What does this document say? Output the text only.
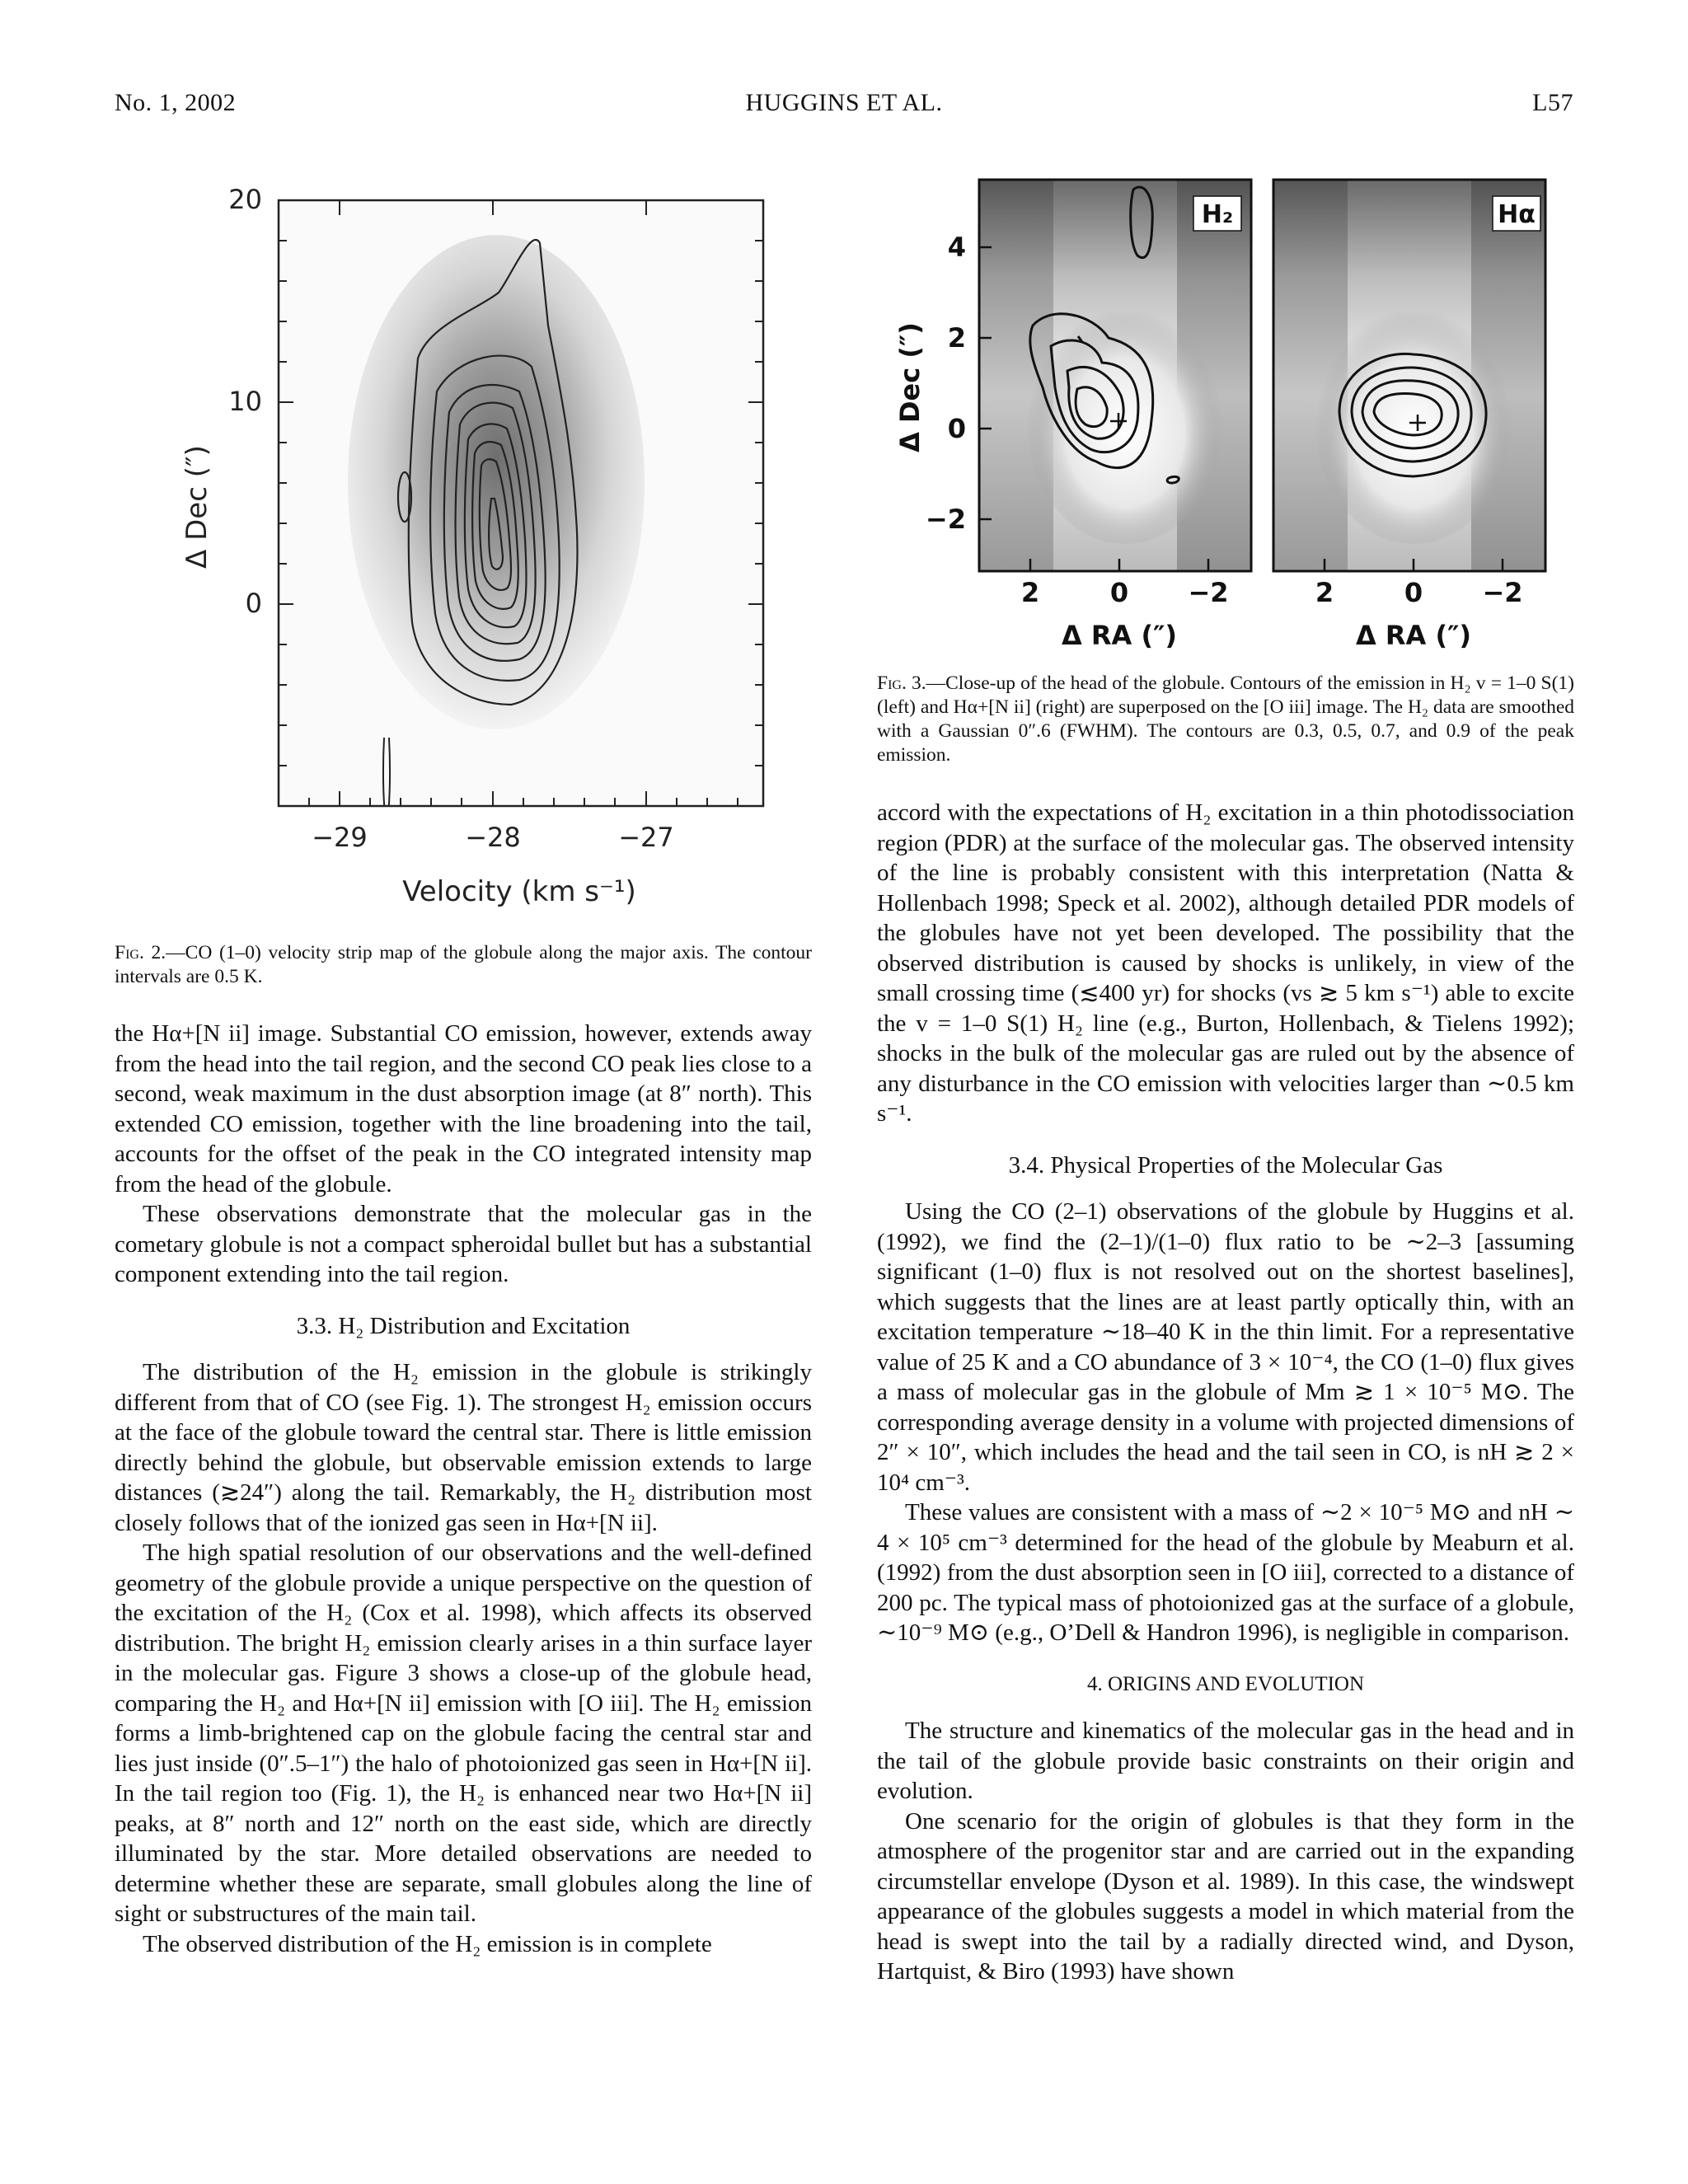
No. 1, 2002	HUGGINS ET AL.	L57
20
10
0
−29	−28	−27
Velocity (km s⁻¹)
Δ Dec (″)
Fig. 2.—CO (1–0) velocity strip map of the globule along the major axis. The contour intervals are 0.5 K.
H₂	Hα
4
2
0
−2
2	0 −2	2	0 −2
Δ RA (″)	Δ RA (″)
Δ Dec (″)
Fig. 3.—Close-up of the head of the globule. Contours of the emission in H₂ v = 1–0 S(1) (left) and Hα+[N ii] (right) are superposed on the [O iii] image. The H₂ data are smoothed with a Gaussian 0″.6 (FWHM). The contours are 0.3, 0.5, 0.7, and 0.9 of the peak emission.

the Hα+[N ii] image. Substantial CO emission, however, extends away from the head into the tail region, and the second CO peak lies close to a second, weak maximum in the dust absorption image (at 8″ north). This extended CO emission, together with the line broadening into the tail, accounts for the offset of the peak in the CO integrated intensity map from the head of the globule.

These observations demonstrate that the molecular gas in the cometary globule is not a compact spheroidal bullet but has a substantial component extending into the tail region.

3.3. H₂ Distribution and Excitation

The distribution of the H₂ emission in the globule is strikingly different from that of CO (see Fig. 1). The strongest H₂ emission occurs at the face of the globule toward the central star. There is little emission directly behind the globule, but observable emission extends to large distances (≳24″) along the tail. Remarkably, the H₂ distribution most closely follows that of the ionized gas seen in Hα+[N ii].

The high spatial resolution of our observations and the well-defined geometry of the globule provide a unique perspective on the question of the excitation of the H₂ (Cox et al. 1998), which affects its observed distribution. The bright H₂ emission clearly arises in a thin surface layer in the molecular gas. Figure 3 shows a close-up of the globule head, comparing the H₂ and Hα+[N ii] emission with [O iii]. The H₂ emission forms a limb-brightened cap on the globule facing the central star and lies just inside (0″.5–1″) the halo of photoionized gas seen in Hα+[N ii]. In the tail region too (Fig. 1), the H₂ is enhanced near two Hα+[N ii] peaks, at 8″ north and 12″ north on the east side, which are directly illuminated by the star. More detailed observations are needed to determine whether these are separate, small globules along the line of sight or substructures of the main tail.

The observed distribution of the H₂ emission is in complete

accord with the expectations of H₂ excitation in a thin photodissociation region (PDR) at the surface of the molecular gas. The observed intensity of the line is probably consistent with this interpretation (Natta & Hollenbach 1998; Speck et al. 2002), although detailed PDR models of the globules have not yet been developed. The possibility that the observed distribution is caused by shocks is unlikely, in view of the small crossing time (≲400 yr) for shocks (vs ≳ 5 km s⁻¹) able to excite the v = 1–0 S(1) H₂ line (e.g., Burton, Hollenbach, & Tielens 1992); shocks in the bulk of the molecular gas are ruled out by the absence of any disturbance in the CO emission with velocities larger than ∼0.5 km s⁻¹.

3.4. Physical Properties of the Molecular Gas

Using the CO (2–1) observations of the globule by Huggins et al. (1992), we find the (2–1)/(1–0) flux ratio to be ∼2–3 [assuming significant (1–0) flux is not resolved out on the shortest baselines], which suggests that the lines are at least partly optically thin, with an excitation temperature ∼18–40 K in the thin limit. For a representative value of 25 K and a CO abundance of 3 × 10⁻⁴, the CO (1–0) flux gives a mass of molecular gas in the globule of Mm ≳ 1 × 10⁻⁵ M⊙. The corresponding average density in a volume with projected dimensions of 2″ × 10″, which includes the head and the tail seen in CO, is nH ≳ 2 × 10⁴ cm⁻³.

These values are consistent with a mass of ∼2 × 10⁻⁵ M⊙ and nH ∼ 4 × 10⁵ cm⁻³ determined for the head of the globule by Meaburn et al. (1992) from the dust absorption seen in [O iii], corrected to a distance of 200 pc. The typical mass of photoionized gas at the surface of a globule, ∼10⁻⁹ M⊙ (e.g., O’Dell & Handron 1996), is negligible in comparison.

4. ORIGINS AND EVOLUTION

The structure and kinematics of the molecular gas in the head and in the tail of the globule provide basic constraints on their origin and evolution.

One scenario for the origin of globules is that they form in the atmosphere of the progenitor star and are carried out in the expanding circumstellar envelope (Dyson et al. 1989). In this case, the windswept appearance of the globules suggests a model in which material from the head is swept into the tail by a radially directed wind, and Dyson, Hartquist, & Biro (1993) have shown
